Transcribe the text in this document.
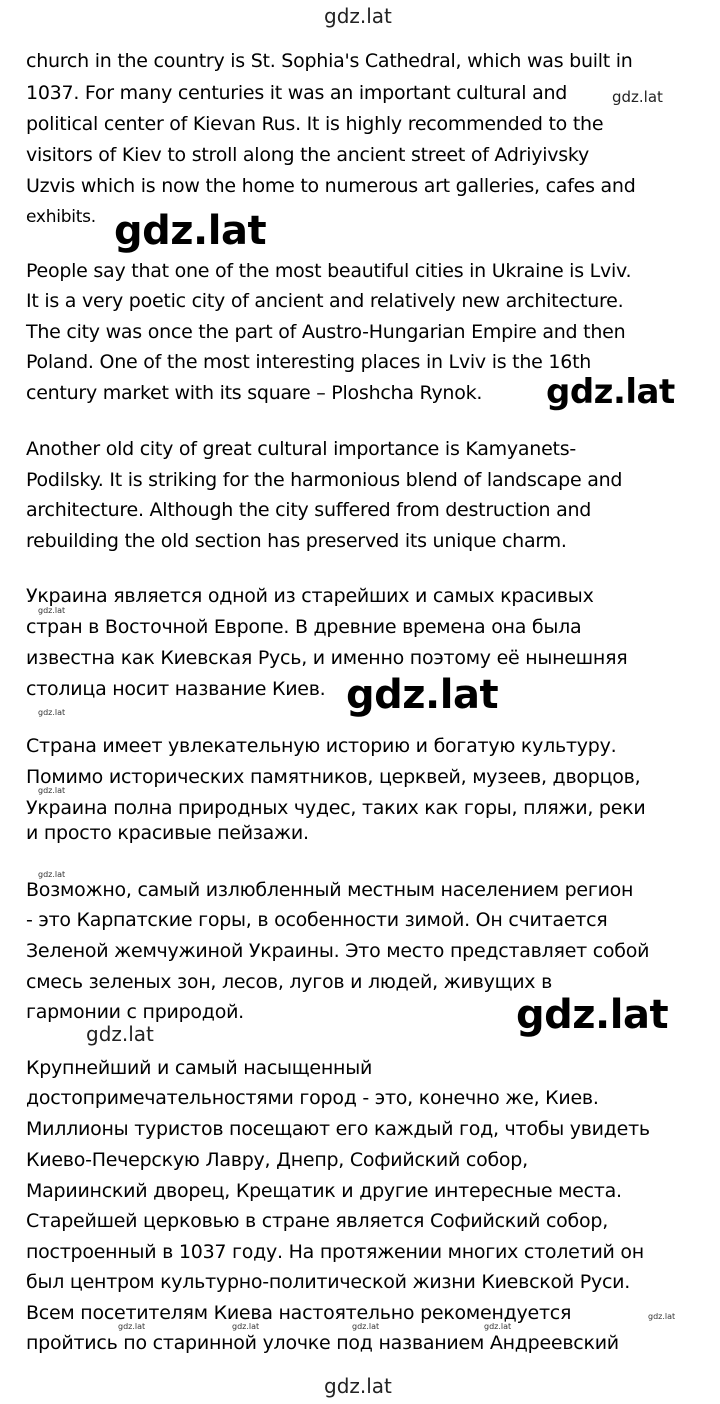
gdz.lat
church in the country is St. Sophia's Cathedral, which was built in
1037. For many centuries it was an important cultural and
political center of Kievan Rus. It is highly recommended to the
visitors of Kiev to stroll along the ancient street of Adriyivsky
Uzvis which is now the home to numerous art galleries, cafes and
exhibits.
People say that one of the most beautiful cities in Ukraine is Lviv.
It is a very poetic city of ancient and relatively new architecture.
The city was once the part of Austro-Hungarian Empire and then
Poland. One of the most interesting places in Lviv is the 16th
century market with its square – Ploshcha Rynok.
Another old city of great cultural importance is Kamyanets-
Podilsky. It is striking for the harmonious blend of landscape and
architecture. Although the city suffered from destruction and
rebuilding the old section has preserved its unique charm.
Украина является одной из старейших и самых красивых
стран в Восточной Европе. В древние времена она была
известна как Киевская Русь, и именно поэтому её нынешняя
столица носит название Киев.
Страна имеет увлекательную историю и богатую культуру.
Помимо исторических памятников, церквей, музеев, дворцов,
Украина полна природных чудес, таких как горы, пляжи, реки
и просто красивые пейзажи.
Возможно, самый излюбленный местным населением регион
- это Карпатские горы, в особенности зимой. Он считается
Зеленой жемчужиной Украины. Это место представляет собой
смесь зеленых зон, лесов, лугов и людей, живущих в
гармонии с природой.
Крупнейший и самый насыщенный
достопримечательностями город - это, конечно же, Киев.
Миллионы туристов посещают его каждый год, чтобы увидеть
Киево-Печерскую Лавру, Днепр, Софийский собор,
Мариинский дворец, Крещатик и другие интересные места.
Старейшей церковью в стране является Софийский собор,
построенный в 1037 году. На протяжении многих столетий он
был центром культурно-политической жизни Киевской Руси.
Всем посетителям Киева настоятельно рекомендуется
пройтись по старинной улочке под названием Андреевский
gdz.lat
gdz.lat
gdz.lat
gdz.lat
gdz.lat
gdz.lat
gdz.lat
gdz.lat
gdz.lat
gdz.lat
gdz.lat	gdz.lat	gdz.lat	gdz.lat
gdz.lat
gdz.lat
